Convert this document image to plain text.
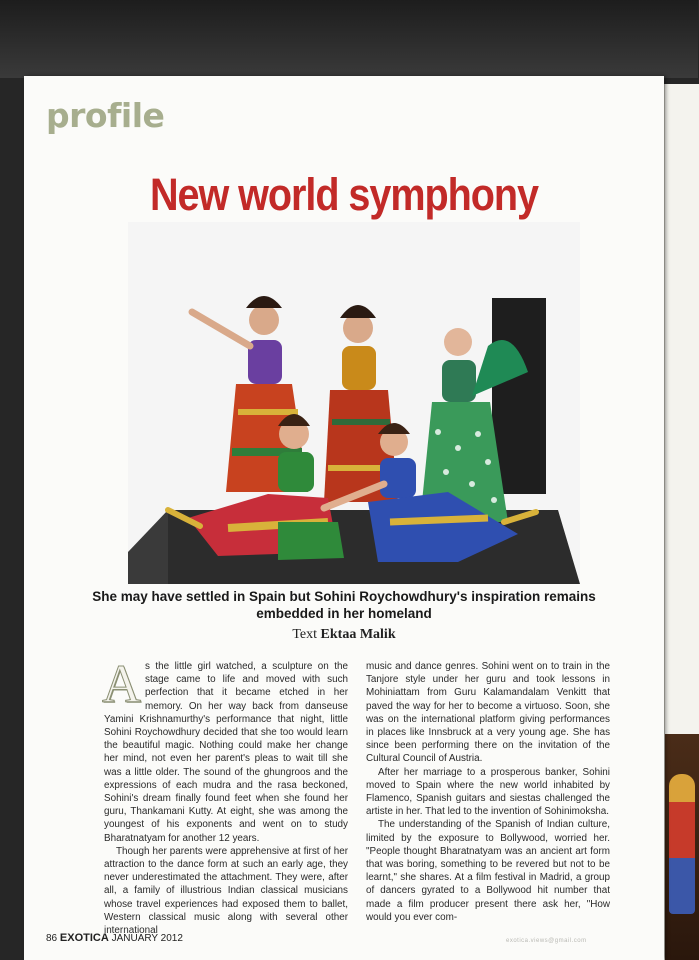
profile
New world symphony

She may have settled in Spain but Sohini Roychowdhury's inspiration remains embedded in her homeland

Text Ektaa Malik

As the little girl watched, a sculpture on the stage came to life and moved with such perfection that it became etched in her memory. On her way back from danseuse Yamini Krishnamurthy's performance that night, little Sohini Roychowdhury decided that she too would learn the beautiful magic. Nothing could make her change her mind, not even her parent's pleas to wait till she was a little older. The sound of the ghungroos and the expressions of each mudra and the rasa beckoned, Sohini's dream finally found feet when she found her guru, Thankamani Kutty. At eight, she was among the youngest of his exponents and went on to study Bharatnatyam for another 12 years.

Though her parents were apprehensive at first of her attraction to the dance form at such an early age, they never underestimated the attachment. They were, after all, a family of illustrious Indian classical musicians whose travel experiences had exposed them to ballet, Western classical music along with several other international

music and dance genres. Sohini went on to train in the Tanjore style under her guru and took lessons in Mohiniattam from Guru Kalamandalam Venkitt that paved the way for her to become a virtuoso. Soon, she was on the international platform giving performances in places like Innsbruck at a very young age. She has since been performing there on the invitation of the Cultural Council of Austria.

After her marriage to a prosperous banker, Sohini moved to Spain where the new world inhabited by Flamenco, Spanish guitars and siestas challenged the artiste in her. That led to the invention of Sohinimoksha.

The understanding of the Spanish of Indian culture, limited by the exposure to Bollywood, worried her. "People thought Bharatnatyam was an ancient art form that was boring, something to be revered but not to be learnt," she shares. At a film festival in Madrid, a group of dancers gyrated to a Bollywood hit number that made a film producer present there ask her, "How would you ever com-

86 EXOTICA JANUARY 2012	exotica.views@gmail.com
